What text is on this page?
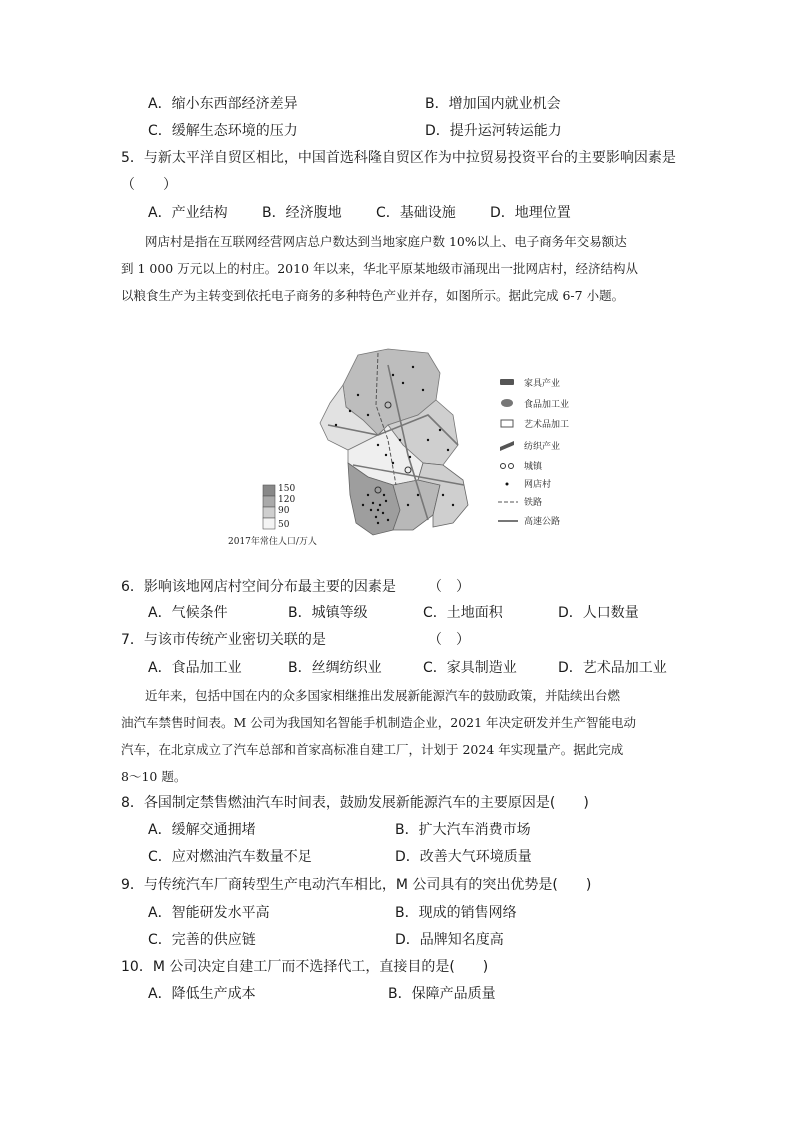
A．缩小东西部经济差异	B．增加国内就业机会
C．缓解生态环境的压力	D．提升运河转运能力
5．与新太平洋自贸区相比，中国首选科隆自贸区作为中拉贸易投资平台的主要影响因素是
（　　）
A．产业结构 B．经济腹地 C．基础设施 D．地理位置
网店村是指在互联网经营网店总户数达到当地家庭户数 10%以上、电子商务年交易额达
到 1 000 万元以上的村庄。2010 年以来，华北平原某地级市涌现出一批网店村，经济结构从
以粮食生产为主转变到依托电子商务的多种特色产业并存，如图所示。据此完成 6-7 小题。
150
120
90
50
2017年常住人口/万人
家具产业
食品加工业
艺术品加工
纺织产业
城镇
网店村
铁路
高速公路
6．影响该地网店村空间分布最主要的因素是 （　）
A．气候条件	B．城镇等级	C．土地面积	D．人口数量
7．与该市传统产业密切关联的是	（　）
A．食品加工业	B．丝绸纺织业	C．家具制造业	D．艺术品加工业
近年来，包括中国在内的众多国家相继推出发展新能源汽车的鼓励政策，并陆续出台燃
油汽车禁售时间表。M 公司为我国知名智能手机制造企业，2021 年决定研发并生产智能电动
汽车，在北京成立了汽车总部和首家高标准自建工厂，计划于 2024 年实现量产。据此完成
8～10 题。
8．各国制定禁售燃油汽车时间表，鼓励发展新能源汽车的主要原因是(　　)
A．缓解交通拥堵	B．扩大汽车消费市场
C．应对燃油汽车数量不足	D．改善大气环境质量
9．与传统汽车厂商转型生产电动汽车相比，M 公司具有的突出优势是(　　)
A．智能研发水平高	B．现成的销售网络
C．完善的供应链	D．品牌知名度高
10．M 公司决定自建工厂而不选择代工，直接目的是(　　)
A．降低生产成本	B．保障产品质量
